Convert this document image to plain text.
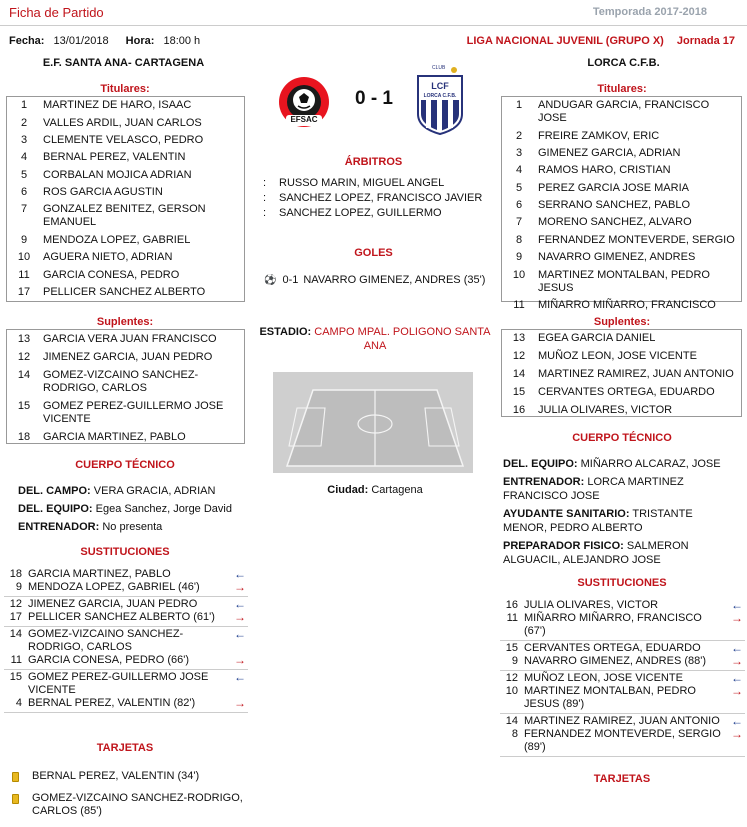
Ficha de Partido	Temporada 2017-2018
Fecha: 13/01/2018 Hora: 18:00 h	LIGA NACIONAL JUVENIL (GRUPO X) Jornada 17
E.F. SANTA ANA- CARTAGENA	LORCA C.F.B.
EFSAC
0 - 1
CLUB
LCF
LORCA C.F.B.
Titulares:
1	MARTINEZ DE HARO, ISAAC
2	VALLES ARDIL, JUAN CARLOS
3	CLEMENTE VELASCO, PEDRO
4	BERNAL PEREZ, VALENTIN
5	CORBALAN MOJICA ADRIAN
6	ROS GARCIA AGUSTIN
7	GONZALEZ BENITEZ, GERSON EMANUEL
9	MENDOZA LOPEZ, GABRIEL
10	AGUERA NIETO, ADRIAN
11	GARCIA CONESA, PEDRO
17	PELLICER SANCHEZ ALBERTO
Suplentes:
13	GARCIA VERA JUAN FRANCISCO
12	JIMENEZ GARCIA, JUAN PEDRO
14	GOMEZ-VIZCAINO SANCHEZ-RODRIGO, CARLOS
15	GOMEZ PEREZ-GUILLERMO JOSE VICENTE
18	GARCIA MARTINEZ, PABLO
CUERPO TÉCNICO
DEL. CAMPO: VERA GRACIA, ADRIAN
DEL. EQUIPO: Egea Sanchez, Jorge David
ENTRENADOR: No presenta
SUSTITUCIONES
18 GARCIA MARTINEZ, PABLO	←
9 MENDOZA LOPEZ, GABRIEL (46')	→
12 JIMENEZ GARCIA, JUAN PEDRO	←
17 PELLICER SANCHEZ ALBERTO (61')	→
14 GOMEZ-VIZCAINO SANCHEZ-RODRIGO, CARLOS
←
11 GARCIA CONESA, PEDRO (66')	→
15 GOMEZ PEREZ-GUILLERMO JOSE VICENTE
←
4 BERNAL PEREZ, VALENTIN (82')	→
TARJETAS
BERNAL PEREZ, VALENTIN (34')
GOMEZ-VIZCAINO SANCHEZ-RODRIGO, CARLOS (85')
ÁRBITROS
: RUSSO MARIN, MIGUEL ANGEL
: SANCHEZ LOPEZ, FRANCISCO JAVIER
: SANCHEZ LOPEZ, GUILLERMO
GOLES
⚽ 0-1 NAVARRO GIMENEZ, ANDRES (35')
ESTADIO: CAMPO MPAL. POLIGONO SANTA ANA
Ciudad: Cartagena
Titulares:
1	ANDUGAR GARCIA, FRANCISCO JOSE
2	FREIRE ZAMKOV, ERIC
3	GIMENEZ GARCIA, ADRIAN
4	RAMOS HARO, CRISTIAN
5	PEREZ GARCIA JOSE MARIA
6	SERRANO SANCHEZ, PABLO
7	MORENO SANCHEZ, ALVARO
8	FERNANDEZ MONTEVERDE, SERGIO
9	NAVARRO GIMENEZ, ANDRES
10	MARTINEZ MONTALBAN, PEDRO JESUS
11	MIÑARRO MIÑARRO, FRANCISCO
Suplentes:
13	EGEA GARCIA DANIEL
12	MUÑOZ LEON, JOSE VICENTE
14	MARTINEZ RAMIREZ, JUAN ANTONIO
15	CERVANTES ORTEGA, EDUARDO
16	JULIA OLIVARES, VICTOR
CUERPO TÉCNICO
DEL. EQUIPO: MIÑARRO ALCARAZ, JOSE
ENTRENADOR: LORCA MARTINEZ FRANCISCO JOSE
AYUDANTE SANITARIO: TRISTANTE MENOR, PEDRO ALBERTO
PREPARADOR FISICO: SALMERON ALGUACIL, ALEJANDRO JOSE
SUSTITUCIONES
16 JULIA OLIVARES, VICTOR	←
11 MIÑARRO MIÑARRO, FRANCISCO (67')
→
15 CERVANTES ORTEGA, EDUARDO	←
9 NAVARRO GIMENEZ, ANDRES (88')	→
12 MUÑOZ LEON, JOSE VICENTE	←
10 MARTINEZ MONTALBAN, PEDRO JESUS (89')
→
14 MARTINEZ RAMIREZ, JUAN ANTONIO ←
8 FERNANDEZ MONTEVERDE, SERGIO (89')
→
TARJETAS
